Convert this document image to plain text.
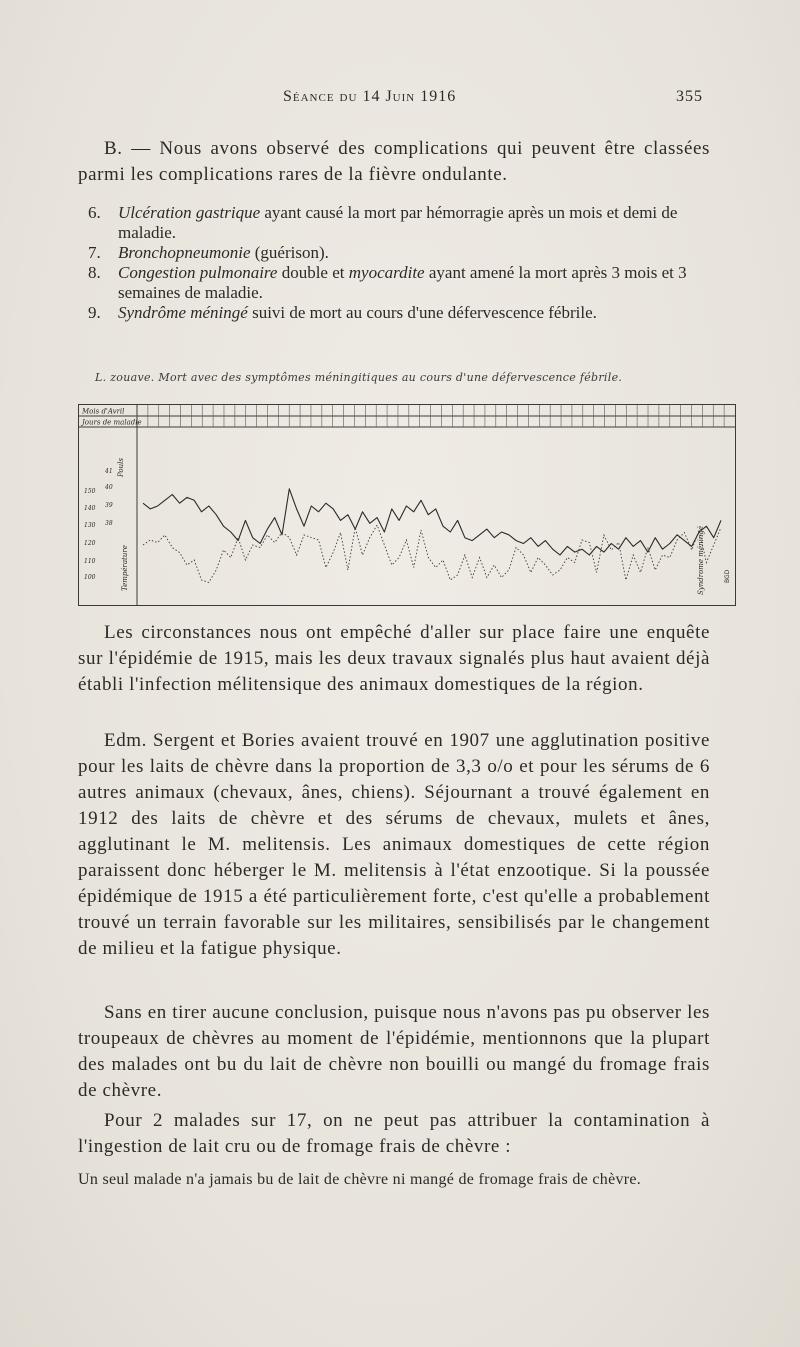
Séance du 14 Juin 1916	355
B. — Nous avons observé des complications qui peuvent être classées parmi les complications rares de la fièvre ondulante.

6. Ulcération gastrique ayant causé la mort par hémorragie après un mois et demi de maladie.

7. Bronchopneumonie (guérison).

8. Congestion pulmonaire double et myocardite ayant amené la mort après 3 mois et 3 semaines de maladie.

9. Syndrôme méningé suivi de mort au cours d'une défervescence fébrile.

L. zouave. Mort avec des symptômes méningitiques au cours d'une défervescence fébrile.
Mois d'Avril
Jours de maladie
150
140
130
120
110
100
41
40
39
38
Pouls
Température	Syndrome méningé	BGD
Les circonstances nous ont empêché d'aller sur place faire une enquête sur l'épidémie de 1915, mais les deux travaux signalés plus haut avaient déjà établi l'infection mélitensique des animaux domestiques de la région.
Edm. Sergent et Bories avaient trouvé en 1907 une agglutination positive pour les laits de chèvre dans la proportion de 3,3 o/o et pour les sérums de 6 autres animaux (chevaux, ânes, chiens). Séjournant a trouvé également en 1912 des laits de chèvre et des sérums de chevaux, mulets et ânes, agglutinant le M. melitensis. Les animaux domestiques de cette région paraissent donc héberger le M. melitensis à l'état enzootique. Si la poussée épidémique de 1915 a été particulièrement forte, c'est qu'elle a probablement trouvé un terrain favorable sur les militaires, sensibilisés par le changement de milieu et la fatigue physique.
Sans en tirer aucune conclusion, puisque nous n'avons pas pu observer les troupeaux de chèvres au moment de l'épidémie, mentionnons que la plupart des malades ont bu du lait de chèvre non bouilli ou mangé du fromage frais de chèvre.
Pour 2 malades sur 17, on ne peut pas attribuer la contamination à l'ingestion de lait cru ou de fromage frais de chèvre :
Un seul malade n'a jamais bu de lait de chèvre ni mangé de fromage frais de chèvre.
